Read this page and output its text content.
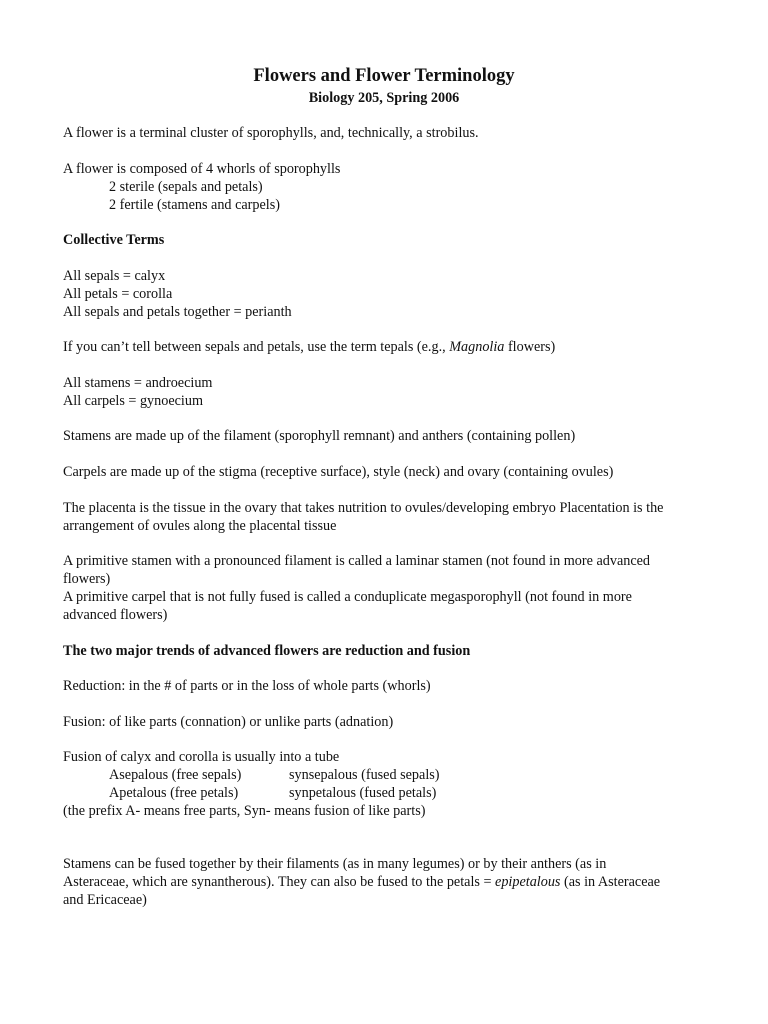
Flowers and Flower Terminology
Biology 205, Spring 2006
A flower is a terminal cluster of sporophylls, and, technically, a strobilus.
A flower is composed of 4 whorls of sporophylls
2 sterile (sepals and petals)
2 fertile (stamens and carpels)
Collective Terms
All sepals = calyx
All petals = corolla
All sepals and petals together = perianth
If you can’t tell between sepals and petals, use the term tepals (e.g., Magnolia flowers)
All stamens = androecium
All carpels = gynoecium
Stamens are made up of the filament (sporophyll remnant) and anthers (containing pollen)
Carpels are made up of the stigma (receptive surface), style (neck) and ovary (containing ovules)
The placenta is the tissue in the ovary that takes nutrition to ovules/developing embryo Placentation is the
arrangement of ovules along the placental tissue
A primitive stamen with a pronounced filament is called a laminar stamen (not found in more advanced
flowers)
A primitive carpel that is not fully fused is called a conduplicate megasporophyll (not found in more
advanced flowers)
The two major trends of advanced flowers are reduction and fusion
Reduction: in the # of parts or in the loss of whole parts (whorls)
Fusion: of like parts (connation) or unlike parts (adnation)
Fusion of calyx and corolla is usually into a tube
Asepalous (free sepals)	synsepalous (fused sepals)
Apetalous (free petals)	synpetalous (fused petals)
(the prefix A- means free parts, Syn- means fusion of like parts)
Stamens can be fused together by their filaments (as in many legumes) or by their anthers (as in
Asteraceae, which are synantherous). They can also be fused to the petals = epipetalous (as in Asteraceae
and Ericaceae)
